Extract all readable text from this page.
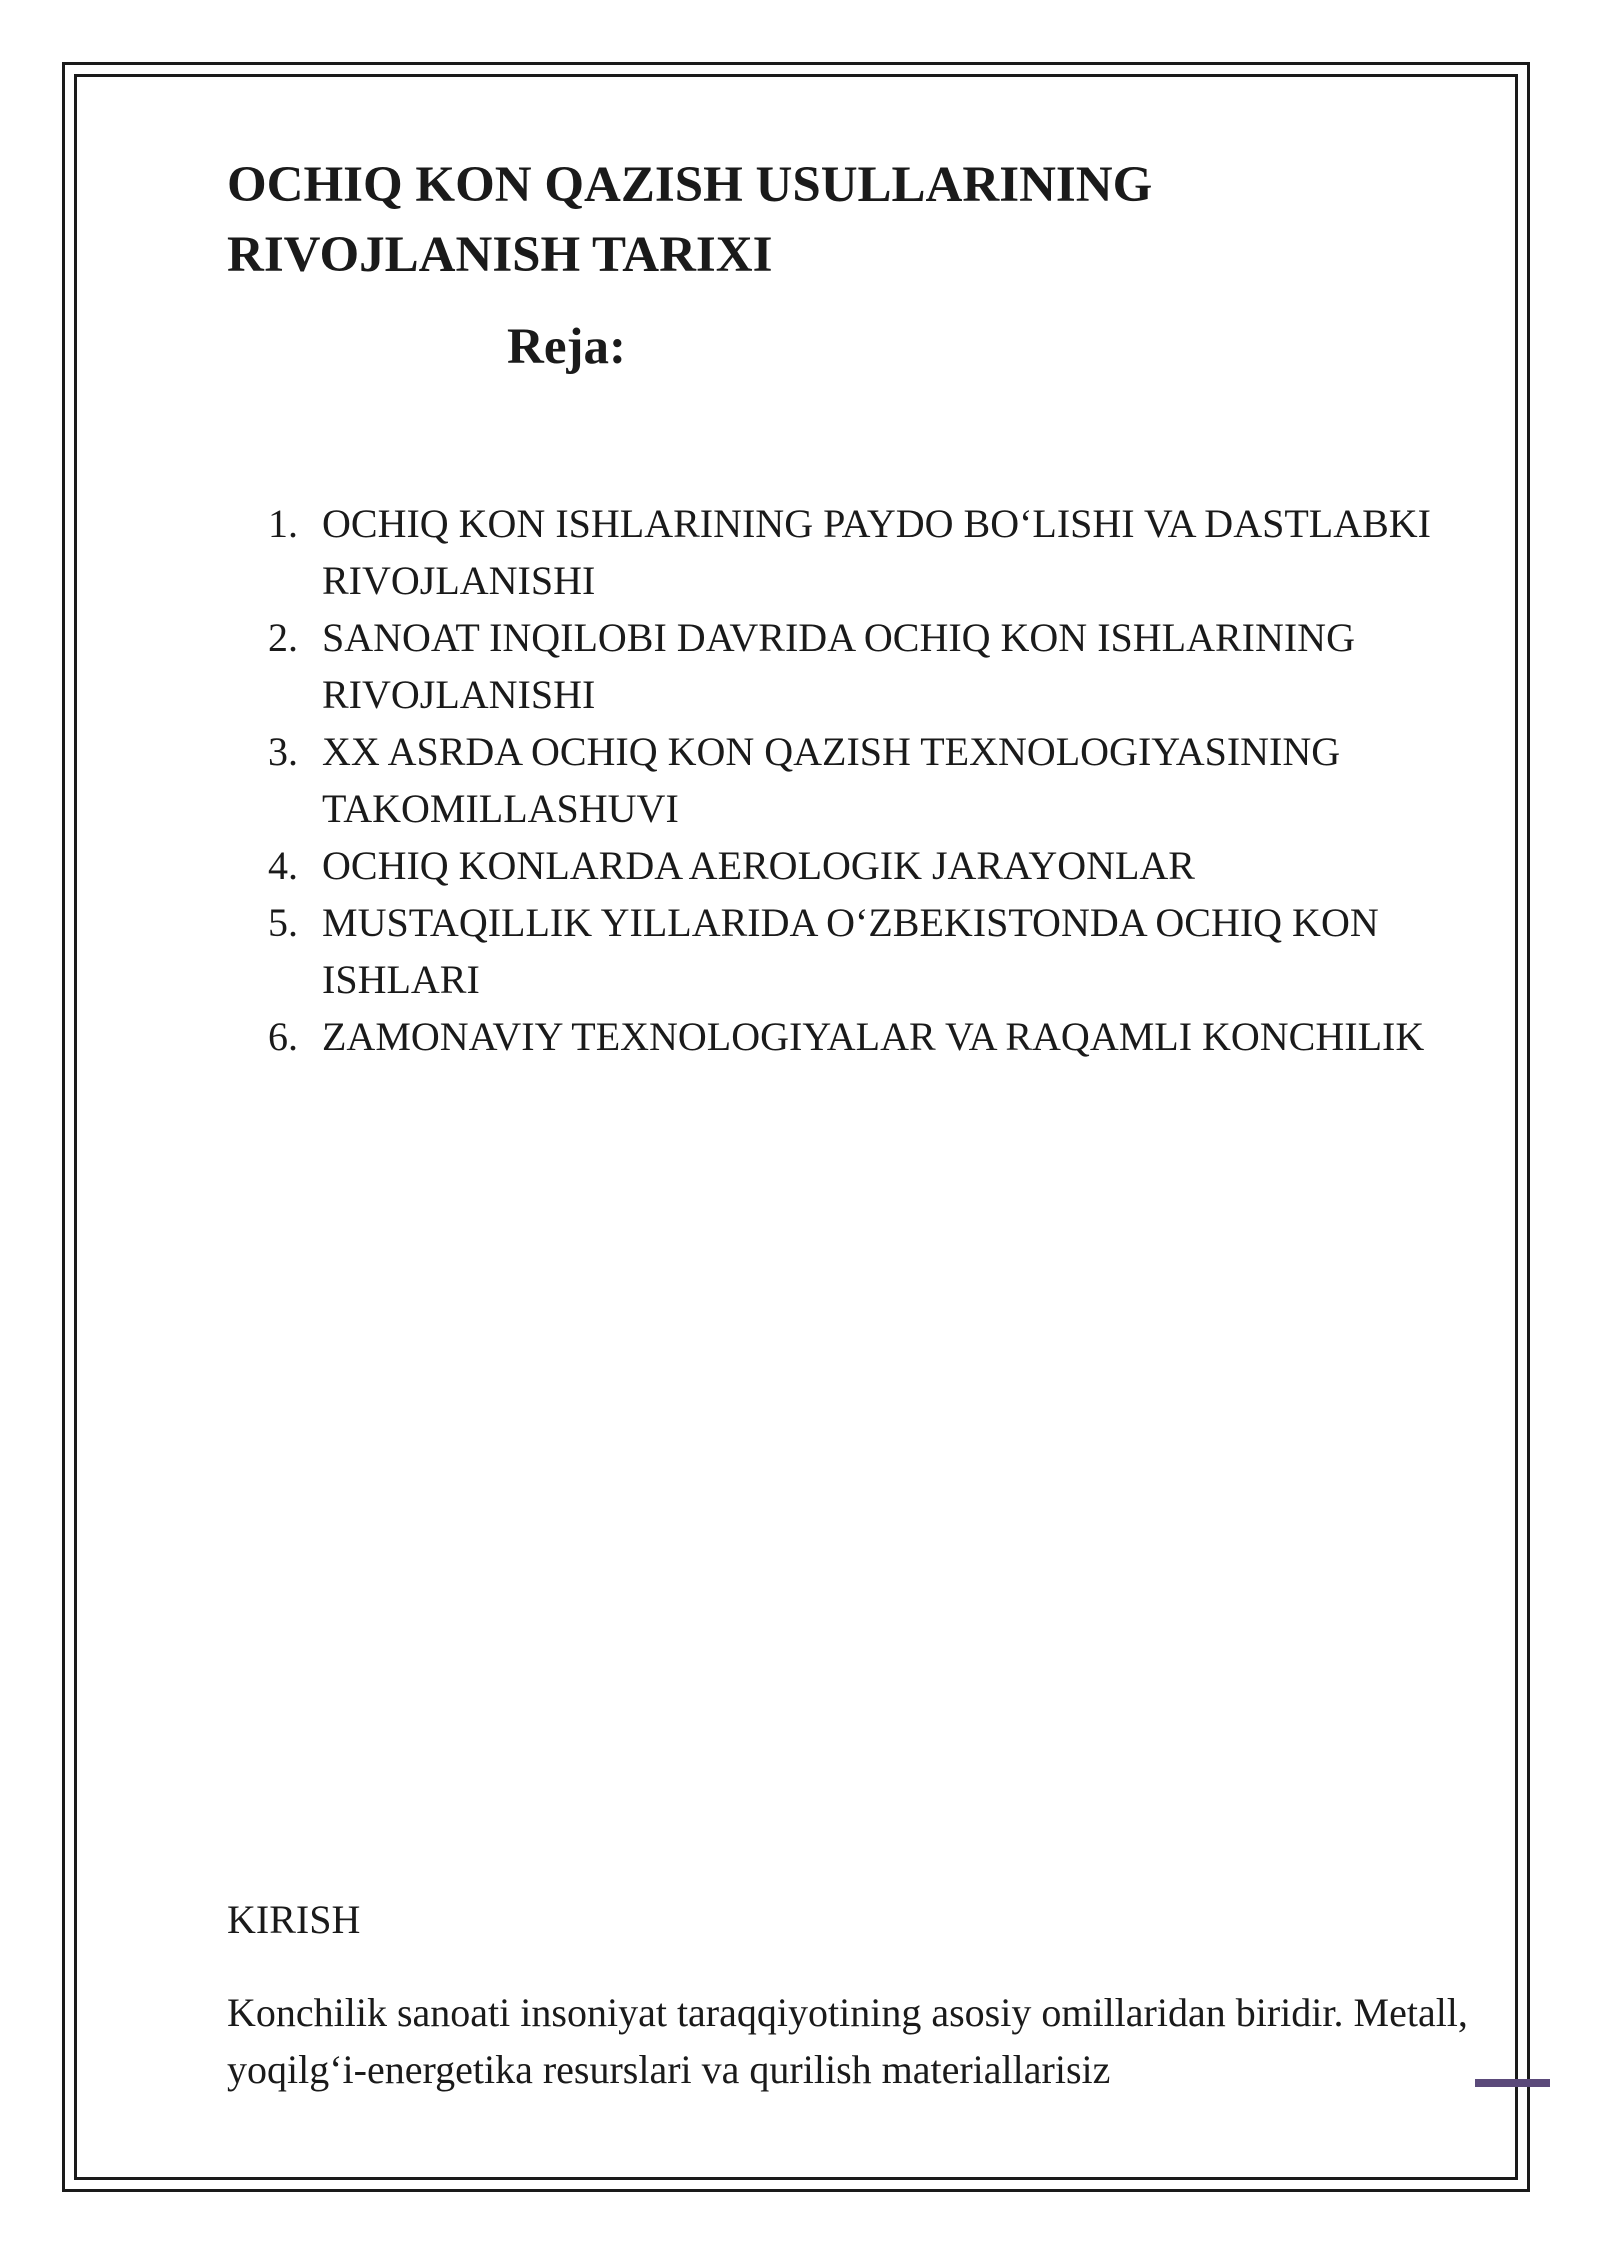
OCHIQ KON QAZISH USULLARINING RIVOJLANISH TARIXI
Reja:
1. OCHIQ KON ISHLARINING PAYDO BO‘LISHI VA DASTLABKI RIVOJLANISHI
2. SANOAT INQILOBI DAVRIDA OCHIQ KON ISHLARINING RIVOJLANISHI
3. XX ASRDA OCHIQ KON QAZISH TEXNOLOGIYASINING TAKOMILLASHUVI
4. OCHIQ KONLARDA AEROLOGIK JARAYONLAR
5. MUSTAQILLIK YILLARIDA O‘ZBEKISTONDA OCHIQ KON ISHLARI
6. ZAMONAVIY TEXNOLOGIYALAR VA RAQAMLI KONCHILIK
KIRISH

Konchilik sanoati insoniyat taraqqiyotining asosiy omillaridan biridir. Metall, yoqilg‘i-energetika resurslari va qurilish materiallarisiz
